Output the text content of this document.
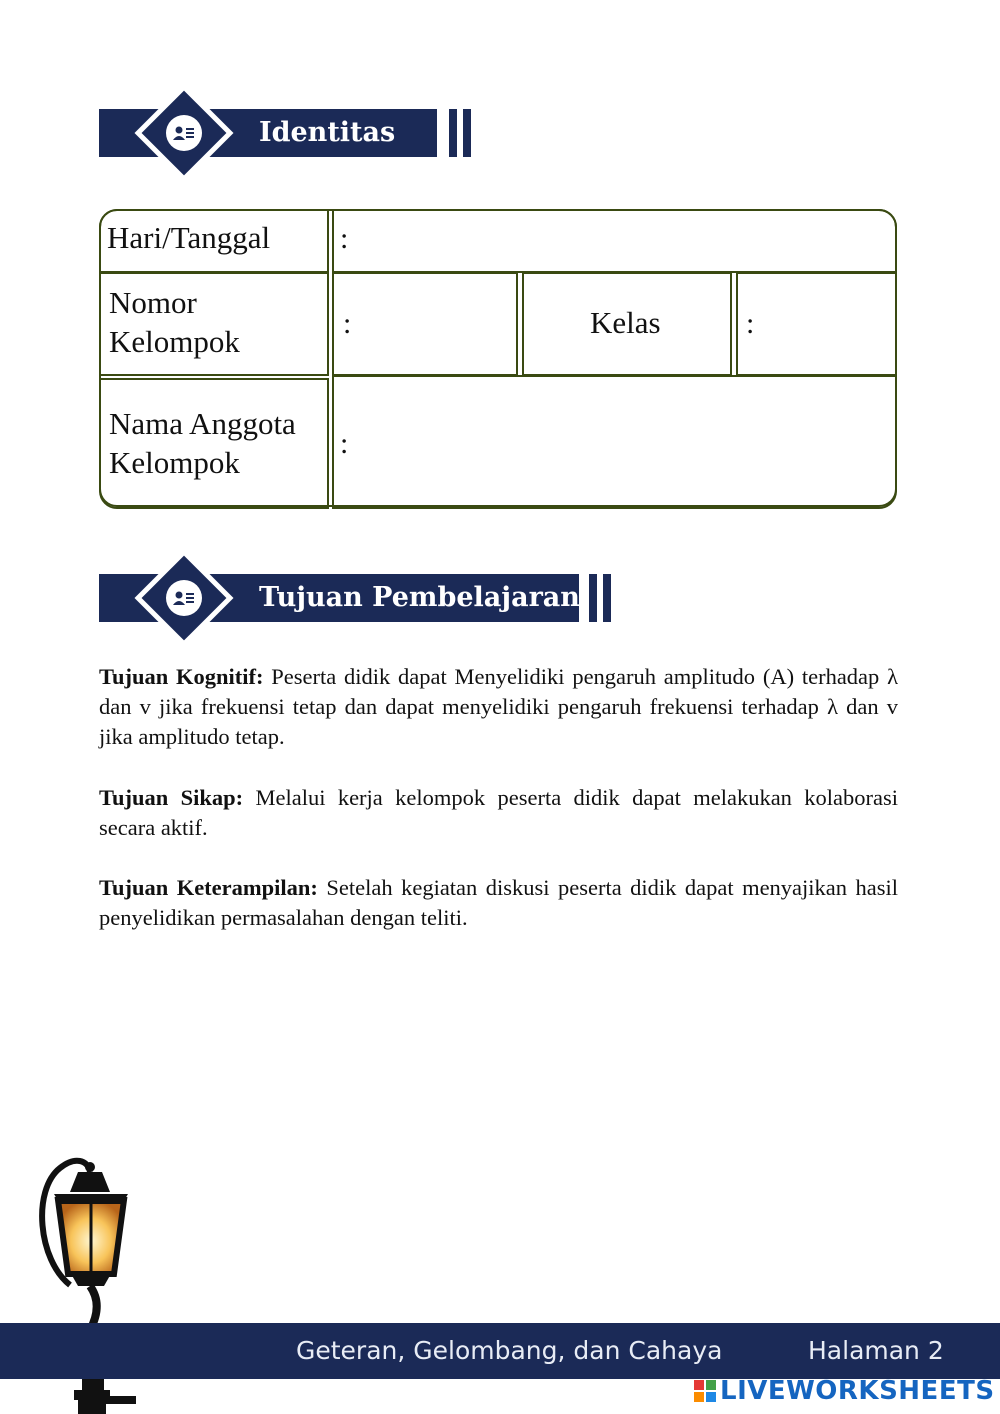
Identitas
Hari/Tanggal :
Nomor
Kelompok
:	Kelas	:
Nama Anggota
Kelompok
:
Tujuan Pembelajaran
Tujuan Kognitif: Peserta didik dapat Menyelidiki pengaruh amplitudo (A) terhadap λ dan v jika frekuensi tetap dan dapat menyelidiki pengaruh frekuensi terhadap λ dan v jika amplitudo tetap.
Tujuan Sikap: Melalui kerja kelompok peserta didik dapat melakukan kolaborasi secara aktif.
Tujuan Keterampilan: Setelah kegiatan diskusi peserta didik dapat menyajikan hasil penyelidikan permasalahan dengan teliti.
Geteran, Gelombang, dan Cahaya	Halaman 2
LIVEWORKSHEETS
